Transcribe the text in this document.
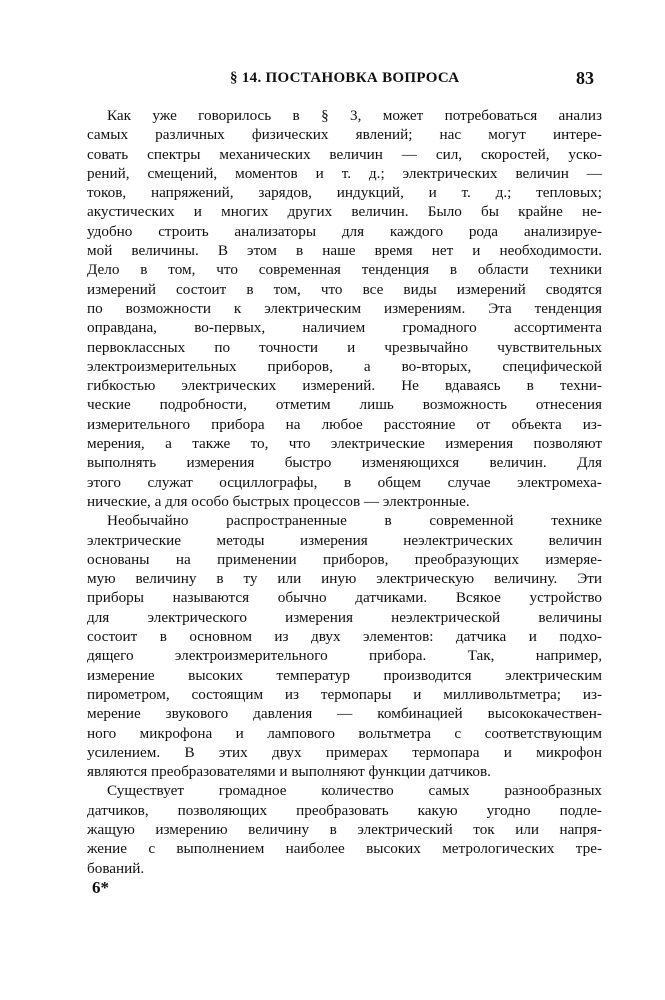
§ 14. ПОСТАНОВКА ВОПРОСА	83
Как уже говорилось в § 3, может потребоваться анализ
самых различных физических явлений; нас могут интере-
совать спектры механических величин — сил, скоростей, уско-
рений, смещений, моментов и т. д.; электрических величин —
токов, напряжений, зарядов, индукций, и т. д.; тепловых;
акустических и многих других величин. Было бы крайне не-
удобно строить анализаторы для каждого рода анализируе-
мой величины. В этом в наше время нет и необходимости.
Дело в том, что современная тенденция в области техники
измерений состоит в том, что все виды измерений сводятся
по возможности к электрическим измерениям. Эта тенденция
оправдана, во-первых, наличием громадного ассортимента
первоклассных по точности и чрезвычайно чувствительных
электроизмерительных приборов, а во-вторых, специфической
гибкостью электрических измерений. Не вдаваясь в техни-
ческие подробности, отметим лишь возможность отнесения
измерительного прибора на любое расстояние от объекта из-
мерения, а также то, что электрические измерения позволяют
выполнять измерения быстро изменяющихся величин. Для
этого служат осциллографы, в общем случае электромеха-
нические, а для особо быстрых процессов — электронные.
Необычайно распространенные в современной технике
электрические методы измерения неэлектрических величин
основаны на применении приборов, преобразующих измеряе-
мую величину в ту или иную электрическую величину. Эти
приборы называются обычно датчиками. Всякое устройство
для электрического измерения неэлектрической величины
состоит в основном из двух элементов: датчика и подхо-
дящего электроизмерительного прибора. Так, например,
измерение высоких температур производится электрическим
пирометром, состоящим из термопары и милливольтметра; из-
мерение звукового давления — комбинацией высококачествен-
ного микрофона и лампового вольтметра с соответствующим
усилением. В этих двух примерах термопара и микрофон
являются преобразователями и выполняют функции датчиков.
Существует громадное количество самых разнообразных
датчиков, позволяющих преобразовать какую угодно подле-
жащую измерению величину в электрический ток или напря-
жение с выполнением наиболее высоких метрологических тре-
бований.
6*
